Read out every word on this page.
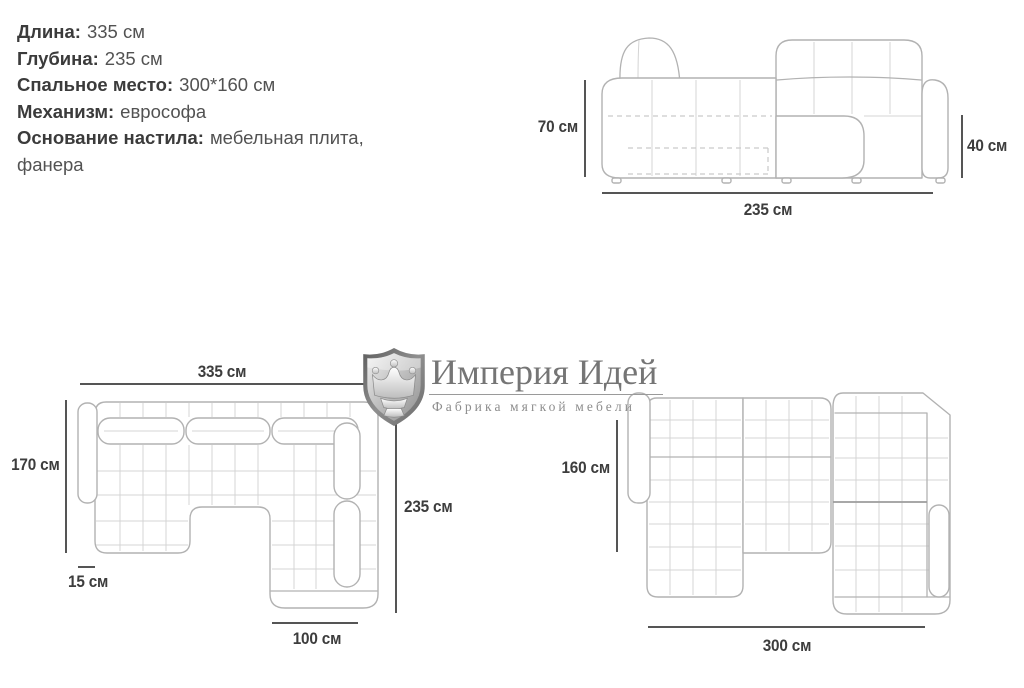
Длина: 335 см
Глубина: 235 см
Спальное место: 300*160 см
Механизм: еврософа
Основание настила: мебельная плита, фанера
70 см
40 см
235 см
335 см
170 см
235 см
15 см
100 см
160 см
300 см
Империя Идей
Фабрика мягкой мебели
